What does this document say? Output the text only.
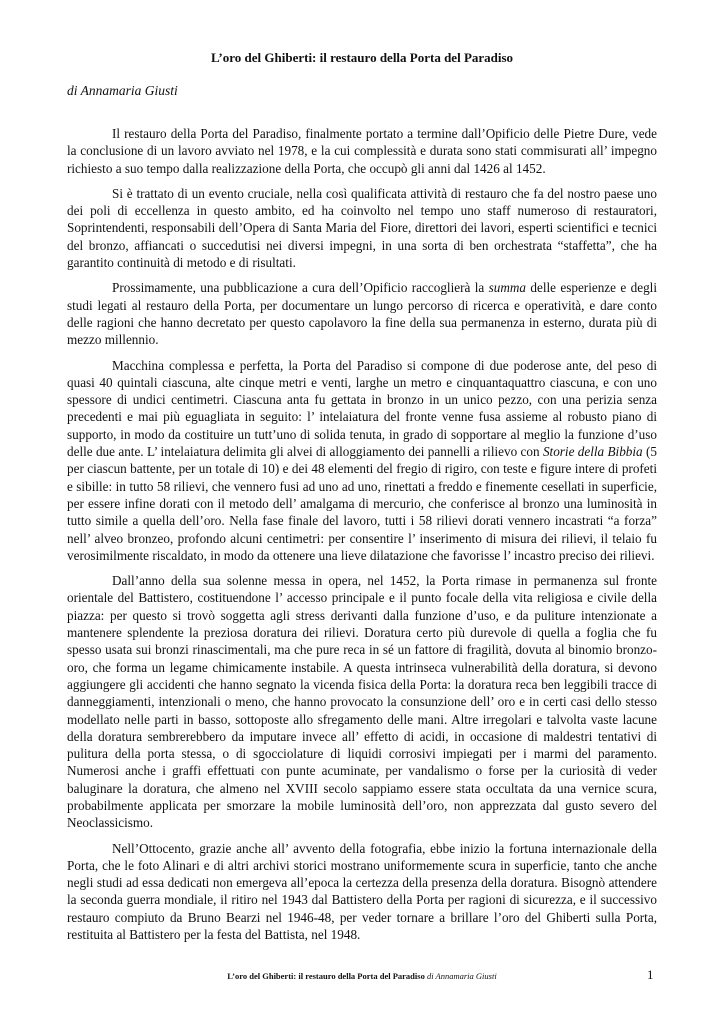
L’oro del Ghiberti: il restauro della Porta del Paradiso
di Annamaria Giusti

Il restauro della Porta del Paradiso, finalmente portato a termine dall’Opificio delle Pietre Dure, vede la conclusione di un lavoro avviato nel 1978, e la cui complessità e durata sono stati commisurati all’ impegno richiesto a suo tempo dalla realizzazione della Porta, che occupò gli anni dal 1426 al 1452.

Si è trattato di un evento cruciale, nella così qualificata attività di restauro che fa del nostro paese uno dei poli di eccellenza in questo ambito, ed ha coinvolto nel tempo uno staff numeroso di restauratori, Soprintendenti, responsabili dell’Opera di Santa Maria del Fiore, direttori dei lavori, esperti scientifici e tecnici del bronzo, affiancati o succedutisi nei diversi impegni, in una sorta di ben orchestrata “staffetta”, che ha garantito continuità di metodo e di risultati.

Prossimamente, una pubblicazione a cura dell’Opificio raccoglierà la summa delle esperienze e degli studi legati al restauro della Porta, per documentare un lungo percorso di ricerca e operatività, e dare conto delle ragioni che hanno decretato per questo capolavoro la fine della sua permanenza in esterno, durata più di mezzo millennio.

Macchina complessa e perfetta, la Porta del Paradiso si compone di due poderose ante, del peso di quasi 40 quintali ciascuna, alte cinque metri e venti, larghe un metro e cinquantaquattro ciascuna, e con uno spessore di undici centimetri. Ciascuna anta fu gettata in bronzo in un unico pezzo, con una perizia senza precedenti e mai più eguagliata in seguito: l’ intelaiatura del fronte venne fusa assieme al robusto piano di supporto, in modo da costituire un tutt’uno di solida tenuta, in grado di sopportare al meglio la funzione d’uso delle due ante. L’ intelaiatura delimita gli alvei di alloggiamento dei pannelli a rilievo con Storie della Bibbia (5 per ciascun battente, per un totale di 10) e dei 48 elementi del fregio di rigiro, con teste e figure intere di profeti e sibille: in tutto 58 rilievi, che vennero fusi ad uno ad uno, rinettati a freddo e finemente cesellati in superficie, per essere infine dorati con il metodo dell’ amalgama di mercurio, che conferisce al bronzo una luminosità in tutto simile a quella dell’oro. Nella fase finale del lavoro, tutti i 58 rilievi dorati vennero incastrati “a forza” nell’ alveo bronzeo, profondo alcuni centimetri: per consentire l’ inserimento di misura dei rilievi, il telaio fu verosimilmente riscaldato, in modo da ottenere una lieve dilatazione che favorisse l’ incastro preciso dei rilievi.

Dall’anno della sua solenne messa in opera, nel 1452, la Porta rimase in permanenza sul fronte orientale del Battistero, costituendone l’ accesso principale e il punto focale della vita religiosa e civile della piazza: per questo si trovò soggetta agli stress derivanti dalla funzione d’uso, e da puliture intenzionate a mantenere splendente la preziosa doratura dei rilievi. Doratura certo più durevole di quella a foglia che fu spesso usata sui bronzi rinascimentali, ma che pure reca in sé un fattore di fragilità, dovuta al binomio bronzo-oro, che forma un legame chimicamente instabile. A questa intrinseca vulnerabilità della doratura, si devono aggiungere gli accidenti che hanno segnato la vicenda fisica della Porta: la doratura reca ben leggibili tracce di danneggiamenti, intenzionali o meno, che hanno provocato la consunzione dell’ oro e in certi casi dello stesso modellato nelle parti in basso, sottoposte allo sfregamento delle mani. Altre irregolari e talvolta vaste lacune della doratura sembrerebbero da imputare invece all’ effetto di acidi, in occasione di maldestri tentativi di pulitura della porta stessa, o di sgocciolature di liquidi corrosivi impiegati per i marmi del paramento. Numerosi anche i graffi effettuati con punte acuminate, per vandalismo o forse per la curiosità di veder baluginare la doratura, che almeno nel XVIII secolo sappiamo essere stata occultata da una vernice scura, probabilmente applicata per smorzare la mobile luminosità dell’oro, non apprezzata dal gusto severo del Neoclassicismo.

Nell’Ottocento, grazie anche all’ avvento della fotografia, ebbe inizio la fortuna internazionale della Porta, che le foto Alinari e di altri archivi storici mostrano uniformemente scura in superficie, tanto che anche negli studi ad essa dedicati non emergeva all’epoca la certezza della presenza della doratura. Bisognò attendere la seconda guerra mondiale, il ritiro nel 1943 dal Battistero della Porta per ragioni di sicurezza, e il successivo restauro compiuto da Bruno Bearzi nel 1946-48, per veder tornare a brillare l’oro del Ghiberti sulla Porta, restituita al Battistero per la festa del Battista, nel 1948.

L’oro del Ghiberti: il restauro della Porta del Paradiso di Annamaria Giusti	1
